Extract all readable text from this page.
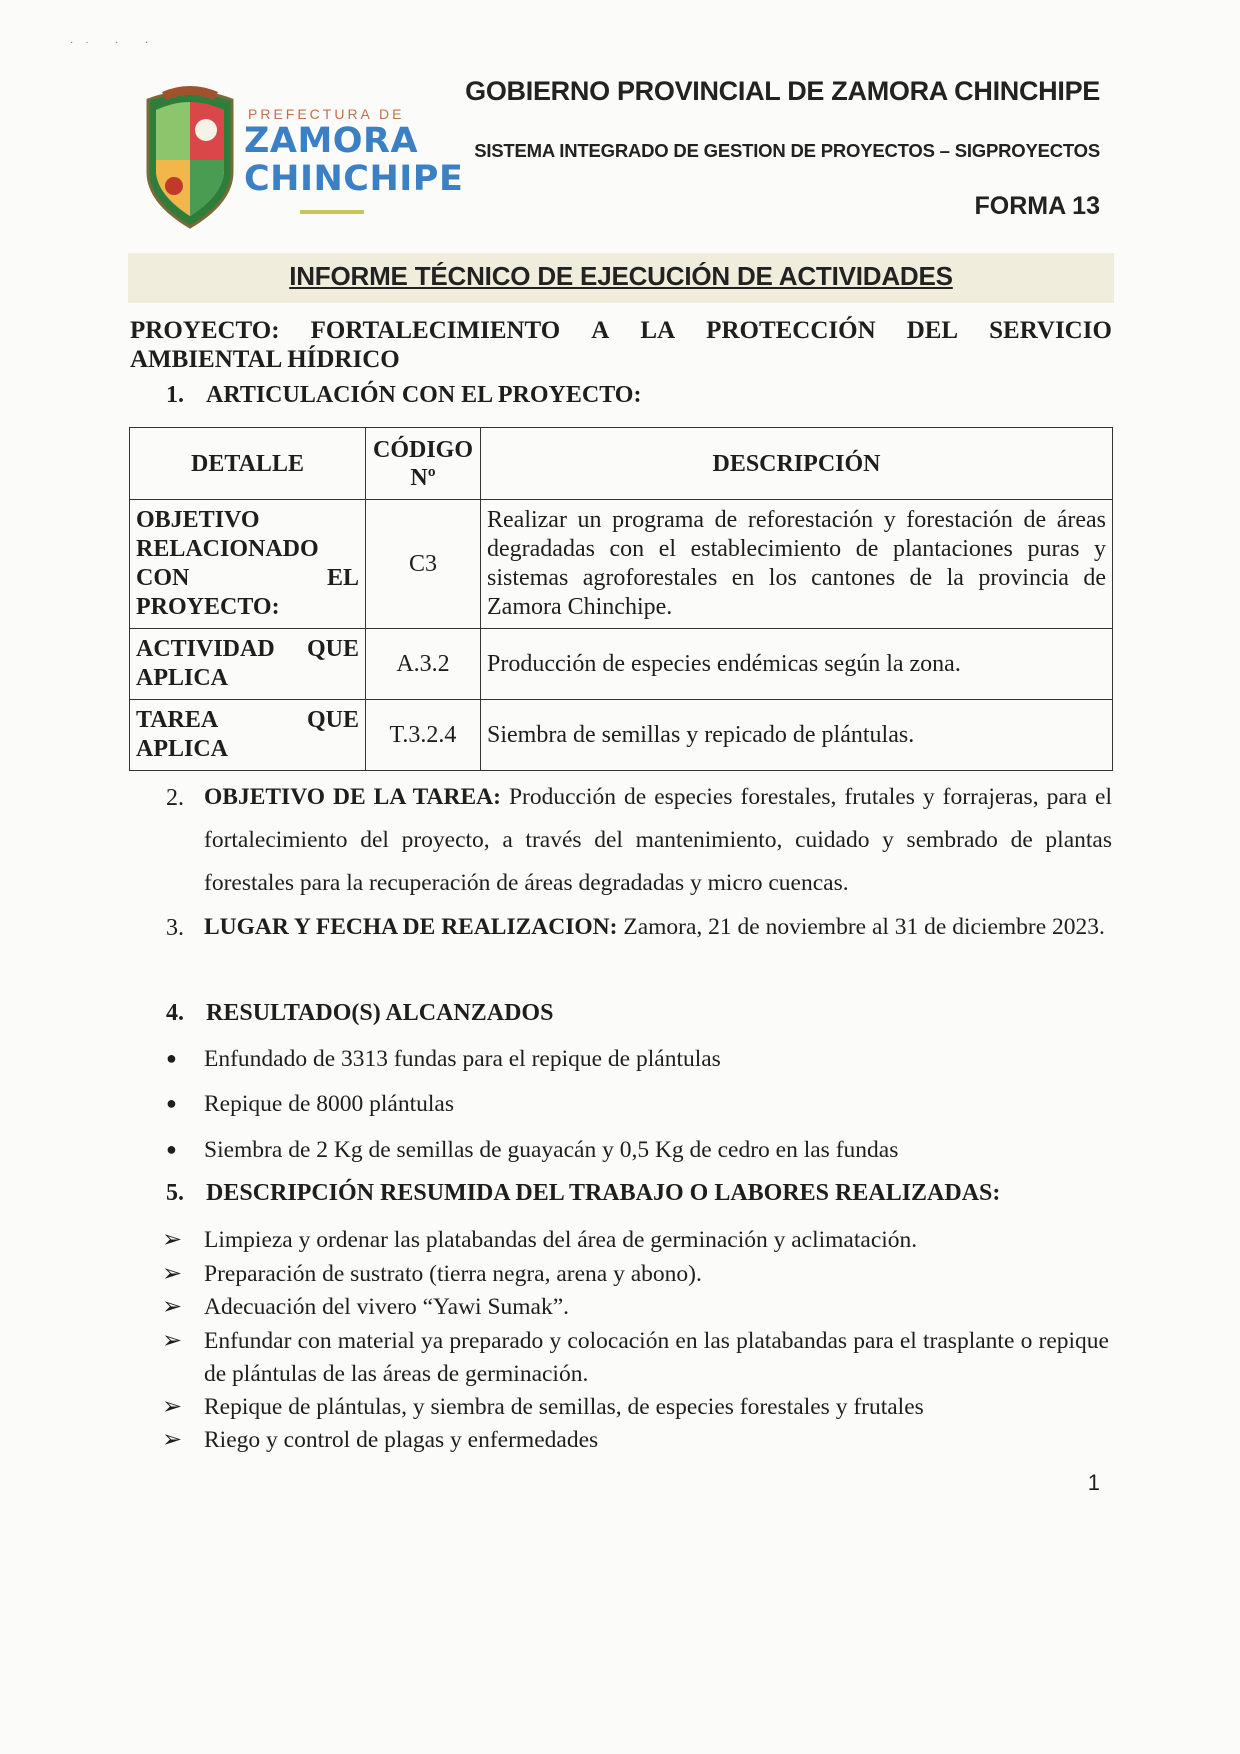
·· · ·
PREFECTURA DE
ZAMORA
CHINCHIPE
GOBIERNO PROVINCIAL DE ZAMORA CHINCHIPE
SISTEMA INTEGRADO DE GESTION DE PROYECTOS – SIGPROYECTOS
FORMA 13
INFORME TÉCNICO DE EJECUCIÓN DE ACTIVIDADES
PROYECTO: FORTALECIMIENTO A LA PROTECCIÓN DEL SERVICIO
AMBIENTAL HÍDRICO
1. ARTICULACIÓN CON EL PROYECTO:
DETALLE	CÓDIGO Nº	DESCRIPCIÓN
OBJETIVO RELACIONADO CON EL
PROYECTO:	C3	Realizar un programa de reforestación y forestación de áreas degradadas con el establecimiento de plantaciones puras y sistemas agroforestales en los cantones de la provincia de Zamora Chinchipe.
ACTIVIDAD QUE
APLICA	A.3.2	Producción de especies endémicas según la zona.
TAREA QUE
APLICA	T.3.2.4	Siembra de semillas y repicado de plántulas.
2. OBJETIVO DE LA TAREA: Producción de especies forestales, frutales y forrajeras, para el fortalecimiento del proyecto, a través del mantenimiento, cuidado y sembrado de plantas forestales para la recuperación de áreas degradadas y micro cuencas.
3. LUGAR Y FECHA DE REALIZACION: Zamora, 21 de noviembre al 31 de diciembre 2023.
4. RESULTADO(S) ALCANZADOS
● Enfundado de 3313 fundas para el repique de plántulas
● Repique de 8000 plántulas
● Siembra de 2 Kg de semillas de guayacán y 0,5 Kg de cedro en las fundas
5. DESCRIPCIÓN RESUMIDA DEL TRABAJO O LABORES REALIZADAS:
➢ Limpieza y ordenar las platabandas del área de germinación y aclimatación.
➢ Preparación de sustrato (tierra negra, arena y abono).
➢ Adecuación del vivero “Yawi Sumak”.
➢ Enfundar con material ya preparado y colocación en las platabandas para el trasplante o repique de plántulas de las áreas de germinación.
➢ Repique de plántulas, y siembra de semillas, de especies forestales y frutales
➢ Riego y control de plagas y enfermedades
1
